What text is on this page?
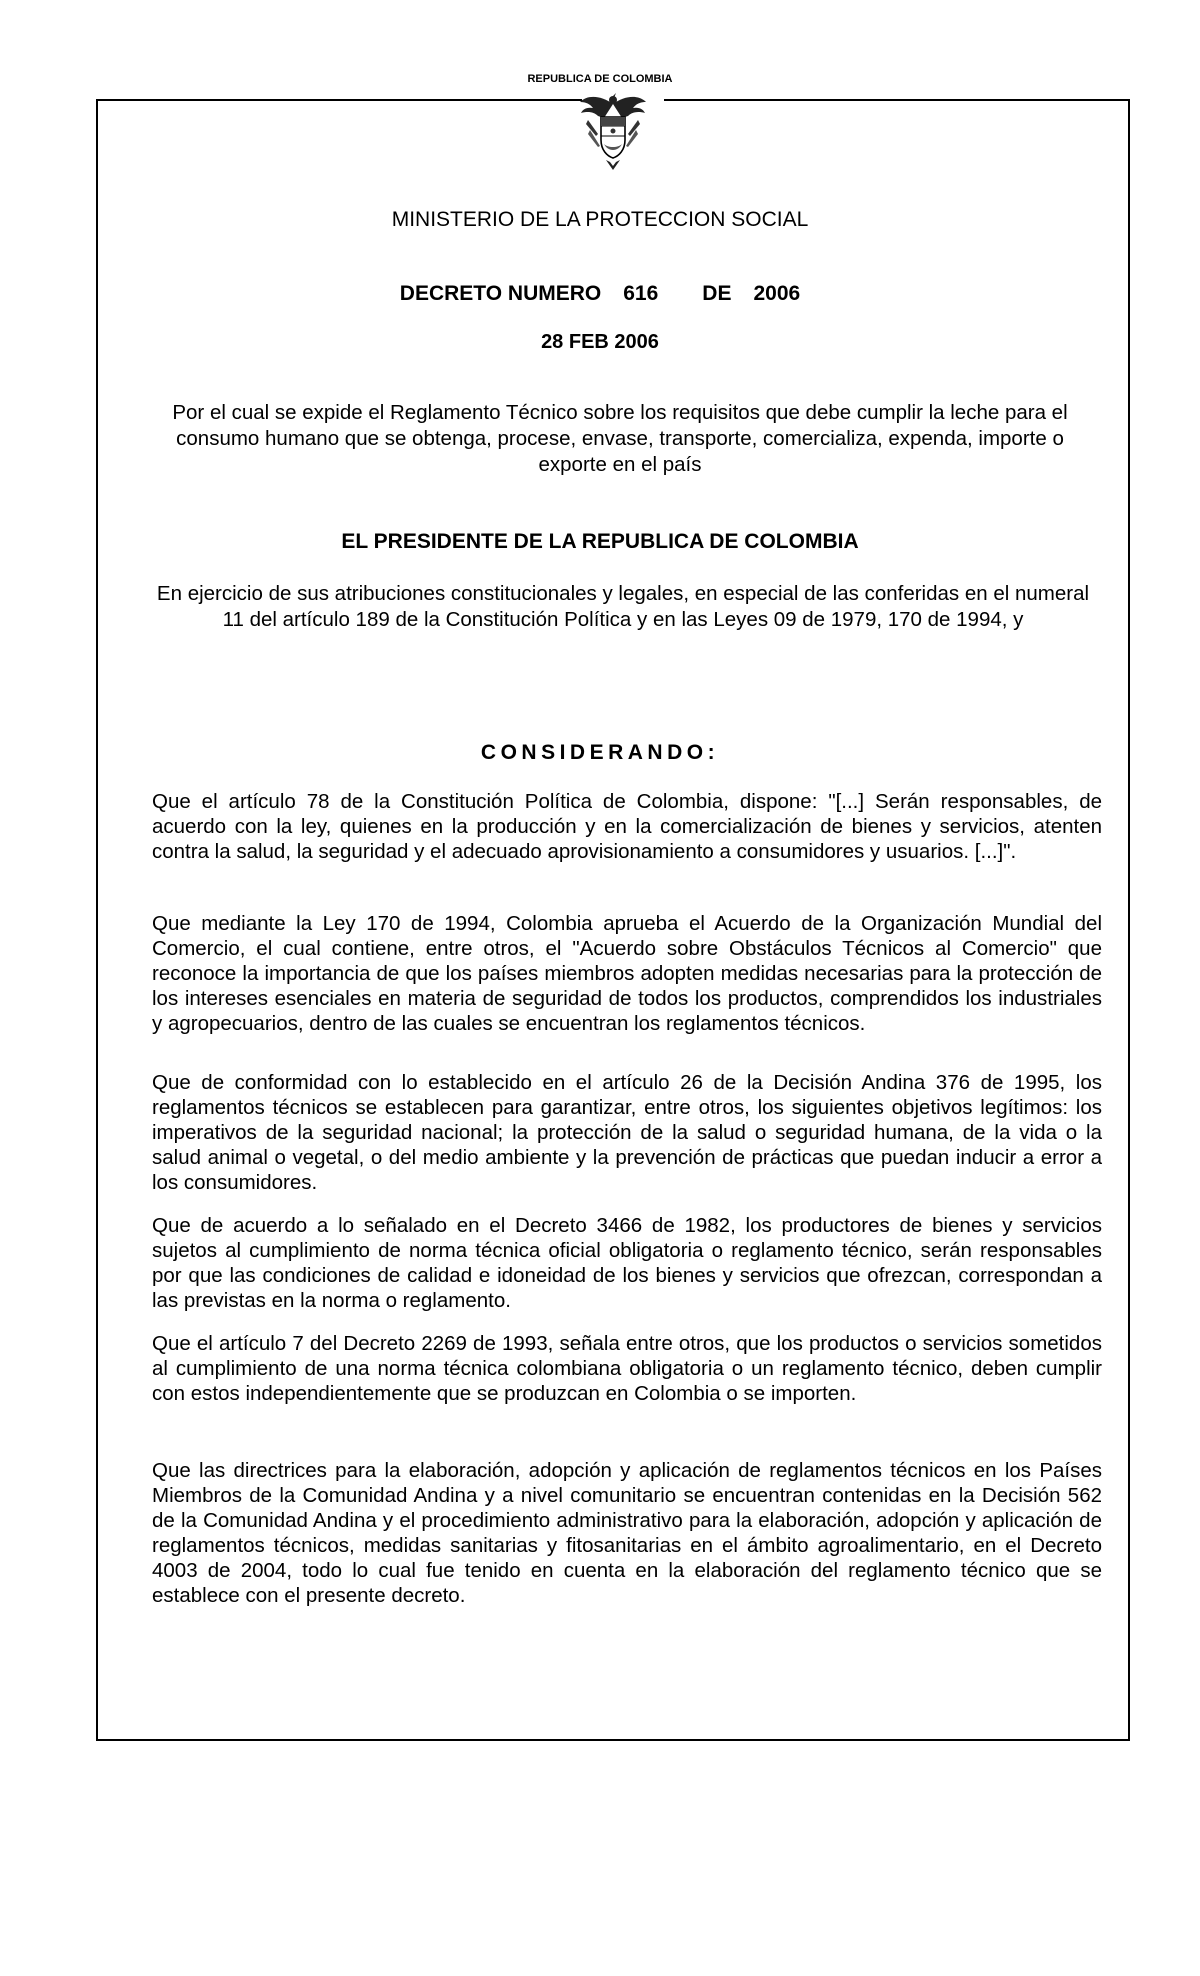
REPUBLICA DE COLOMBIA
MINISTERIO DE LA PROTECCION SOCIAL
DECRETO NUMERO 616 DE 2006
28 FEB 2006
Por el cual se expide el Reglamento Técnico sobre los requisitos que debe cumplir la leche para el consumo humano que se obtenga, procese, envase, transporte, comercializa, expenda, importe o exporte en el país
EL PRESIDENTE DE LA REPUBLICA DE COLOMBIA
En ejercicio de sus atribuciones constitucionales y legales, en especial de las conferidas en el numeral 11 del artículo 189 de la Constitución Política y en las Leyes 09 de 1979, 170 de 1994, y
CONSIDERANDO:
Que el artículo 78 de la Constitución Política de Colombia, dispone: "[...] Serán responsables, de acuerdo con la ley, quienes en la producción y en la comercialización de bienes y servicios, atenten contra la salud, la seguridad y el adecuado aprovisionamiento a consumidores y usuarios. [...]".
Que mediante la Ley 170 de 1994, Colombia aprueba el Acuerdo de la Organización Mundial del Comercio, el cual contiene, entre otros, el "Acuerdo sobre Obstáculos Técnicos al Comercio" que reconoce la importancia de que los países miembros adopten medidas necesarias para la protección de los intereses esenciales en materia de seguridad de todos los productos, comprendidos los industriales y agropecuarios, dentro de las cuales se encuentran los reglamentos técnicos.
Que de conformidad con lo establecido en el artículo 26 de la Decisión Andina 376 de 1995, los reglamentos técnicos se establecen para garantizar, entre otros, los siguientes objetivos legítimos: los imperativos de la seguridad nacional; la protección de la salud o seguridad humana, de la vida o la salud animal o vegetal, o del medio ambiente y la prevención de prácticas que puedan inducir a error a los consumidores.
Que de acuerdo a lo señalado en el Decreto 3466 de 1982, los productores de bienes y servicios sujetos al cumplimiento de norma técnica oficial obligatoria o reglamento técnico, serán responsables por que las condiciones de calidad e idoneidad de los bienes y servicios que ofrezcan, correspondan a las previstas en la norma o reglamento.
Que el artículo 7 del Decreto 2269 de 1993, señala entre otros, que los productos o servicios sometidos al cumplimiento de una norma técnica colombiana obligatoria o un reglamento técnico, deben cumplir con estos independientemente que se produzcan en Colombia o se importen.
Que las directrices para la elaboración, adopción y aplicación de reglamentos técnicos en los Países Miembros de la Comunidad Andina y a nivel comunitario se encuentran contenidas en la Decisión 562 de la Comunidad Andina y el procedimiento administrativo para la elaboración, adopción y aplicación de reglamentos técnicos, medidas sanitarias y fitosanitarias en el ámbito agroalimentario, en el Decreto 4003 de 2004, todo lo cual fue tenido en cuenta en la elaboración del reglamento técnico que se establece con el presente decreto.
